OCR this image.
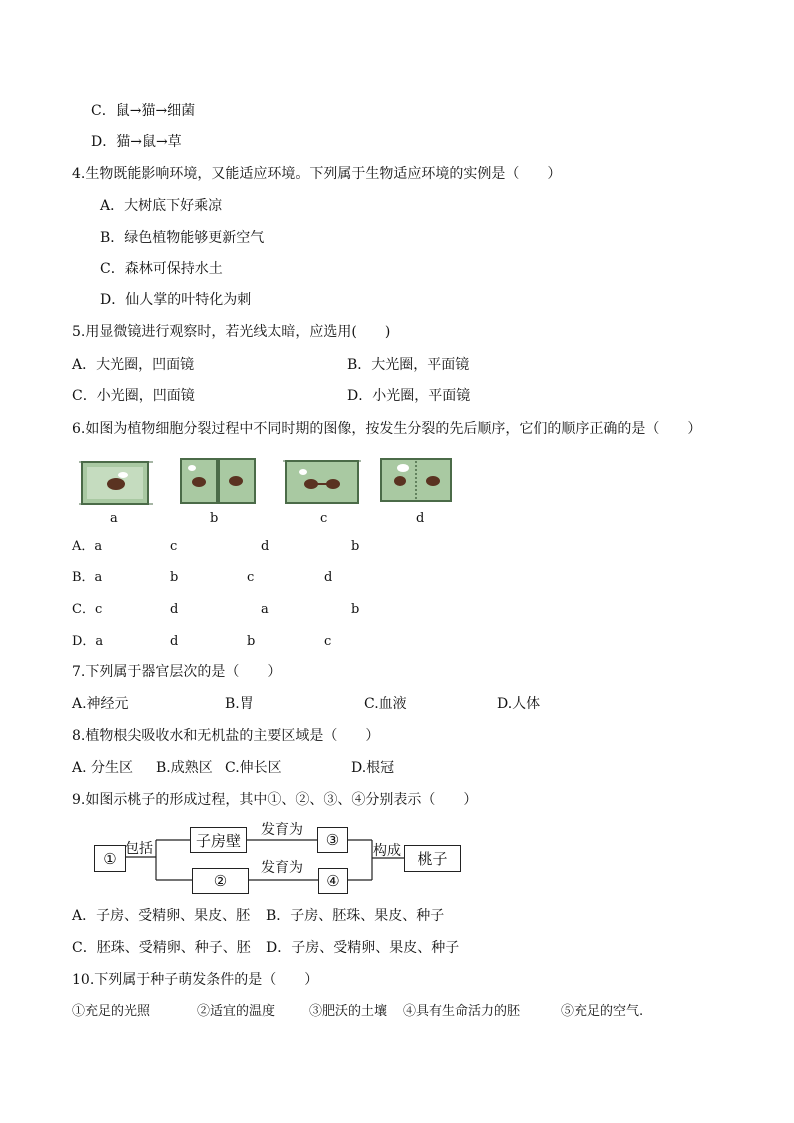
C．鼠→猫→细菌
D．猫→鼠→草
4.生物既能影响环境，又能适应环境。下列属于生物适应环境的实例是（　　）
A．大树底下好乘凉
B．绿色植物能够更新空气
C．森林可保持水土
D．仙人掌的叶特化为刺
5.用显微镜进行观察时，若光线太暗，应选用(　　)
A．大光圈，凹面镜	B．大光圈，平面镜
C．小光圈，凹面镜	D．小光圈，平面镜
6.如图为植物细胞分裂过程中不同时期的图像，按发生分裂的先后顺序，它们的顺序正确的是（　　）
a	b	c	d
A．a	c	d	b
B．a	b	c	d
C．c	d	a	b
D．a	d	b	c
7.下列属于器官层次的是（　　）
A.神经元	B.胃	C.血液	D.人体
8.植物根尖吸收水和无机盐的主要区域是（　　）
A. 分生区 B.成熟区 C.伸长区	D.根冠
9.如图示桃子的形成过程，其中①、②、③、④分别表示（　　）
①
子房壁
②
③
④
桃子
包括
发育为
发育为
构成
A．子房、受精卵、果皮、胚 B．子房、胚珠、果皮、种子
C．胚珠、受精卵、种子、胚 D．子房、受精卵、果皮、种子
10.下列属于种子萌发条件的是（　　）
①充足的光照	②适宜的温度	③肥沃的土壤 ④具有生命活力的胚	⑤充足的空气.
